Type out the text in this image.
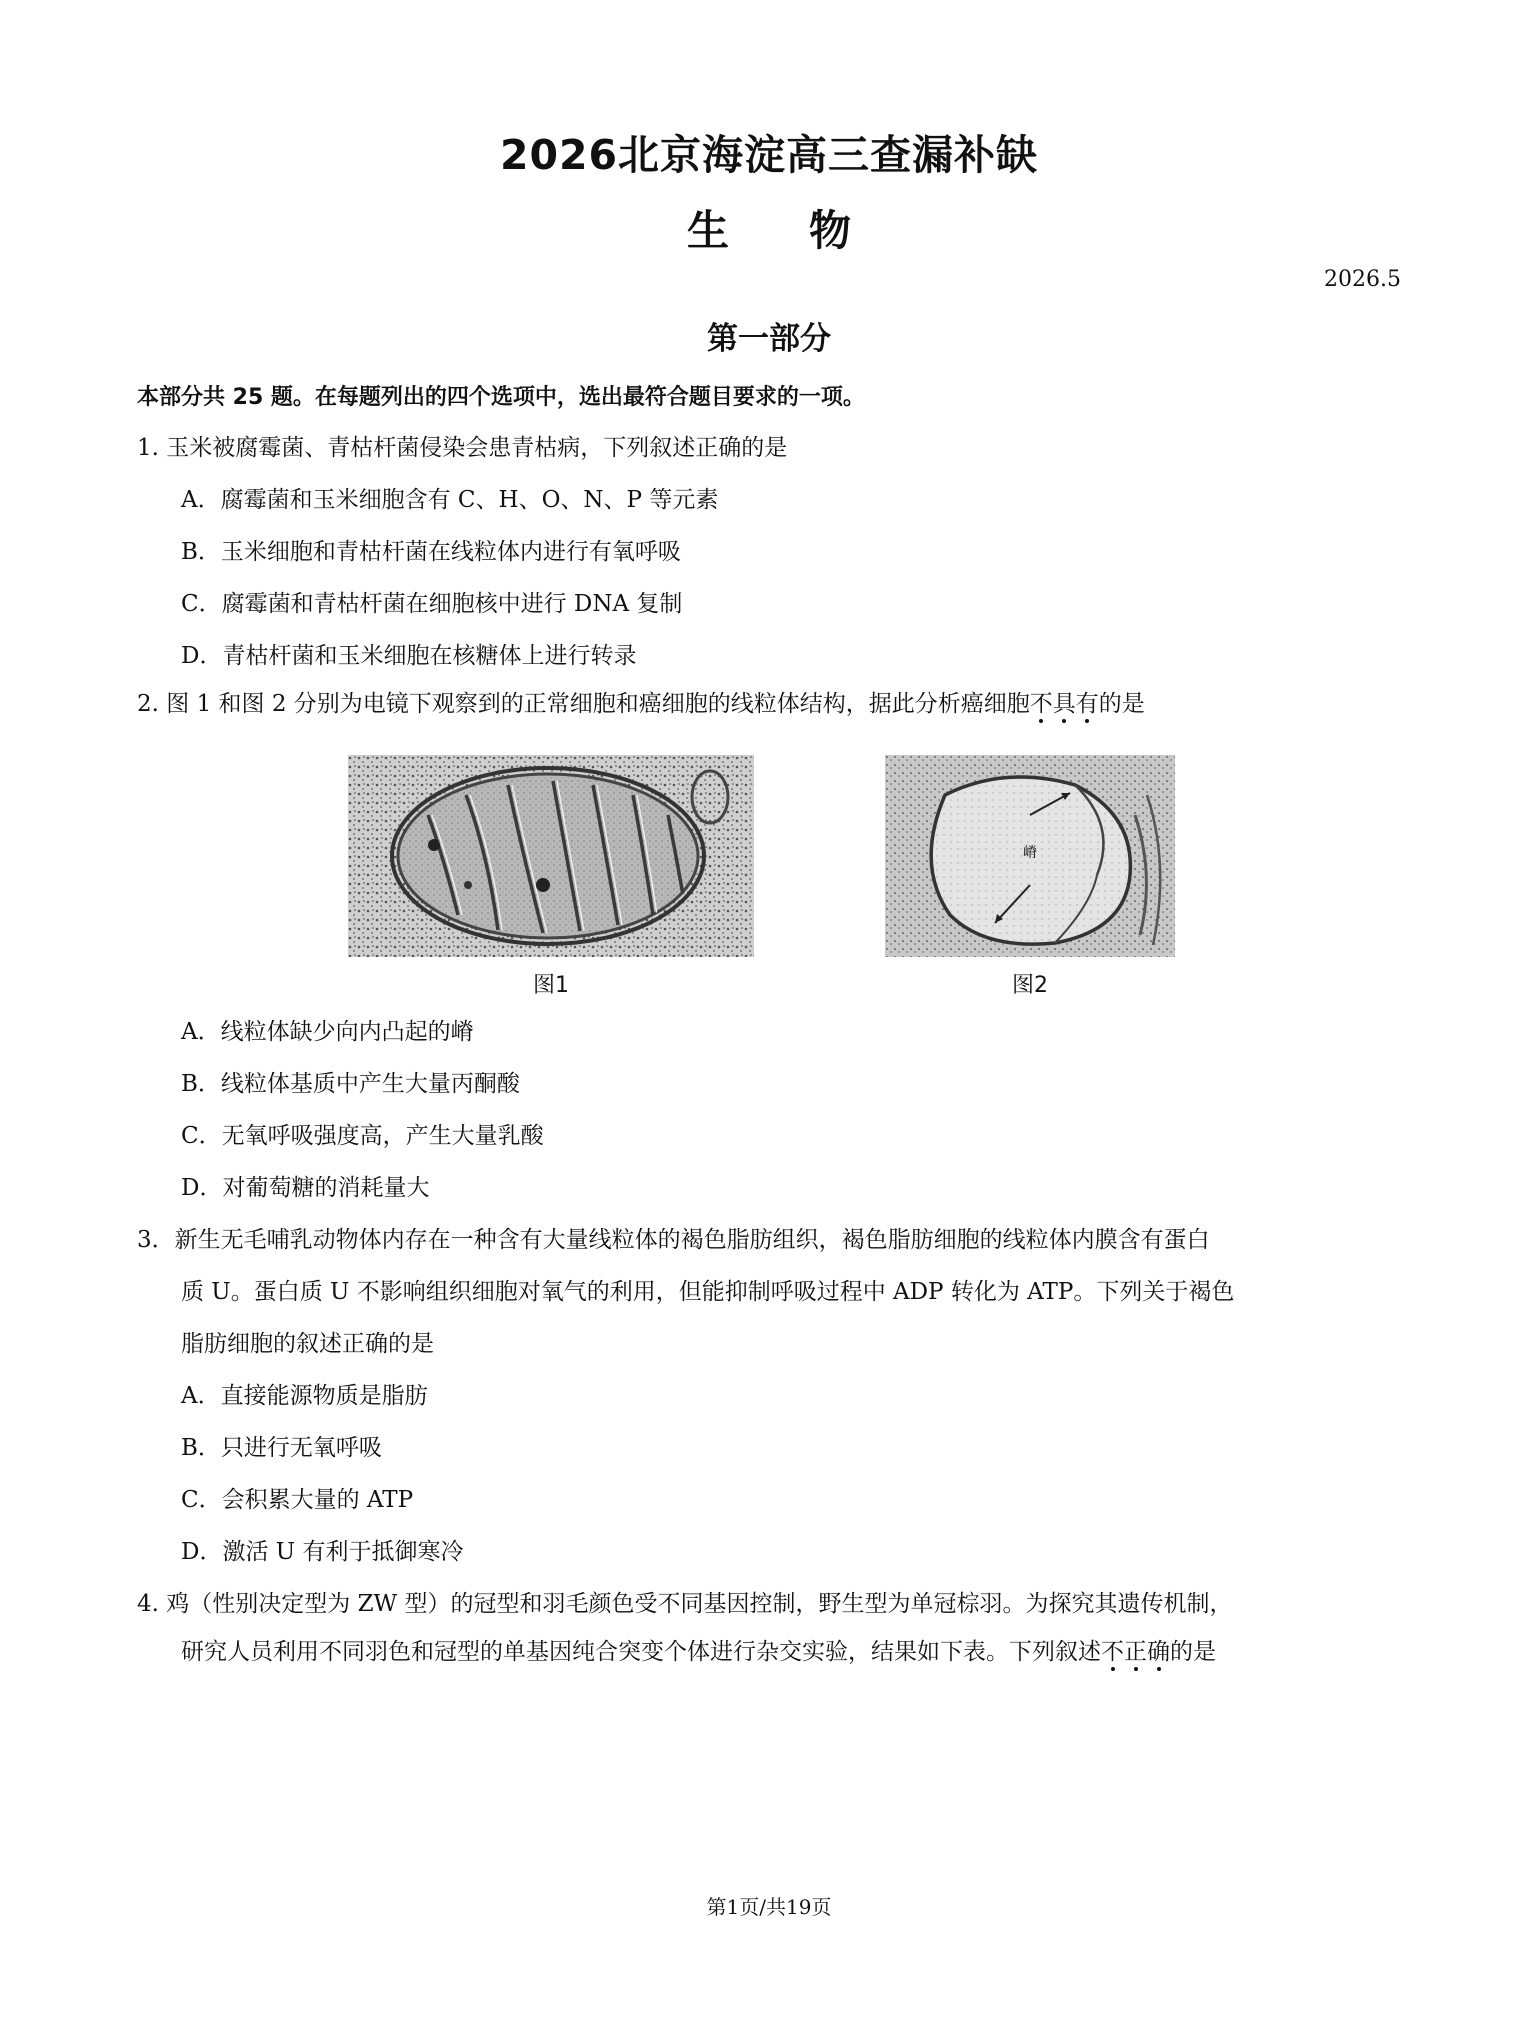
2026北京海淀高三查漏补缺
生 物
2026.5
第一部分
本部分共 25 题。在每题列出的四个选项中，选出最符合题目要求的一项。
1. 玉米被腐霉菌、青枯杆菌侵染会患青枯病，下列叙述正确的是
A．腐霉菌和玉米细胞含有 C、H、O、N、P 等元素
B．玉米细胞和青枯杆菌在线粒体内进行有氧呼吸
C．腐霉菌和青枯杆菌在细胞核中进行 DNA 复制
D．青枯杆菌和玉米细胞在核糖体上进行转录
2. 图 1 和图 2 分别为电镜下观察到的正常细胞和癌细胞的线粒体结构，据此分析癌细胞不具有的是
图1
嵴
图2
A．线粒体缺少向内凸起的嵴
B．线粒体基质中产生大量丙酮酸
C．无氧呼吸强度高，产生大量乳酸
D．对葡萄糖的消耗量大
3．新生无毛哺乳动物体内存在一种含有大量线粒体的褐色脂肪组织，褐色脂肪细胞的线粒体内膜含有蛋白
质 U。蛋白质 U 不影响组织细胞对氧气的利用，但能抑制呼吸过程中 ADP 转化为 ATP。下列关于褐色
脂肪细胞的叙述正确的是
A．直接能源物质是脂肪
B．只进行无氧呼吸
C．会积累大量的 ATP
D．激活 U 有利于抵御寒冷
4. 鸡（性别决定型为 ZW 型）的冠型和羽毛颜色受不同基因控制，野生型为单冠棕羽。为探究其遗传机制，
研究人员利用不同羽色和冠型的单基因纯合突变个体进行杂交实验，结果如下表。下列叙述不正确的是
第1页/共19页
